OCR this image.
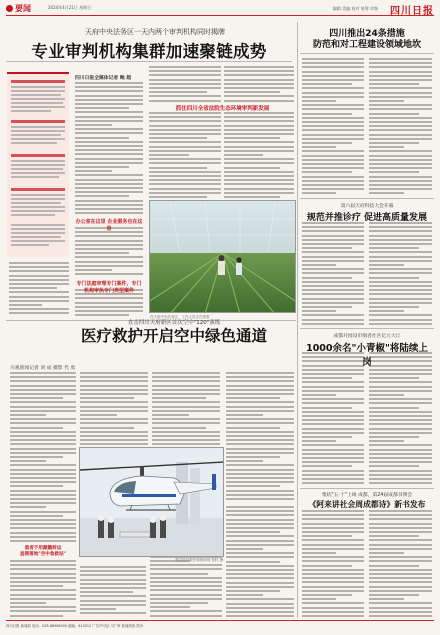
要闻	2024年4月21日 星期日	编辑 美编 校对 统筹 审签 四川日报
天府中央法务区一天内两个审判机构同时揭牌
专业审判机构集群加速聚链成势
四川日报全媒体记者 鲍 超
办公室在这里 企业服务也在这里
专门法庭审理专门案件，专门机构审执专门类型案件
抓住四川全省法院生态环境审判新发展
在天府中央法务区，工作人员正在查看
直击四川天府新区首次空中"120"演练
医疗救护开启空中绿色通道
川观新闻记者 刘 成 摄影 代 勇
患者不用颠簸转运
直接落地"空中急救站"
航空医疗救护演练现场 资料 摄
四川推出24条措施
防范和对工程建设领域地坎
第六届天府科技大会开幕
规范并推诊疗 促进高质量发展
成都开园设市图者社区亿元大订
1000余名"小青椒"将陆续上岗
集结"五·十"上线 成都，第24届成都书博会
《阿来讲社会周成都诗》新书发布
四川日报 新闻部 电话：028-86968000 邮编：610012 广告许可证 川广审 新闻热线 投诉
